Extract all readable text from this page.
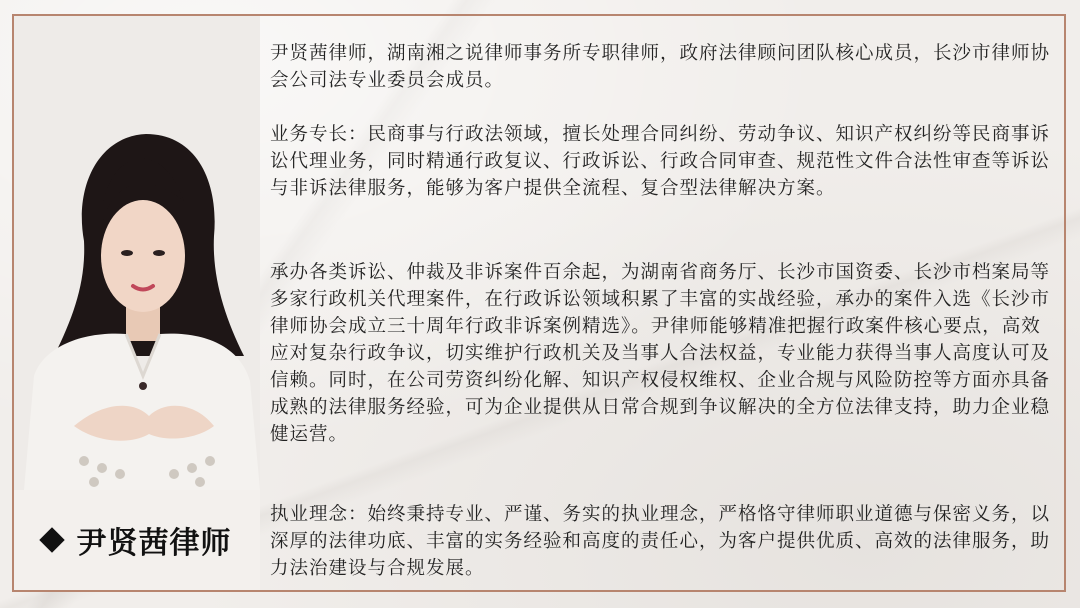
尹贤茜律师

尹贤茜律师，湖南湘之说律师事务所专职律师，政府法律顾问团队核心成员，长沙市律师协会公司法专业委员会成员。

业务专长：民商事与行政法领域，擅长处理合同纠纷、劳动争议、知识产权纠纷等民商事诉讼代理业务，同时精通行政复议、行政诉讼、行政合同审查、规范性文件合法性审查等诉讼与非诉法律服务，能够为客户提供全流程、复合型法律解决方案。

承办各类诉讼、仲裁及非诉案件百余起，为湖南省商务厅、长沙市国资委、长沙市档案局等多家行政机关代理案件，在行政诉讼领域积累了丰富的实战经验，承办的案件入选《长沙市律师协会成立三十周年行政非诉案例精选》。尹律师能够精准把握行政案件核心要点，高效应对复杂行政争议，切实维护行政机关及当事人合法权益，专业能力获得当事人高度认可及信赖。同时，在公司劳资纠纷化解、知识产权侵权维权、企业合规与风险防控等方面亦具备成熟的法律服务经验，可为企业提供从日常合规到争议解决的全方位法律支持，助力企业稳健运营。

执业理念：始终秉持专业、严谨、务实的执业理念，严格恪守律师职业道德与保密义务，以深厚的法律功底、丰富的实务经验和高度的责任心，为客户提供优质、高效的法律服务，助力法治建设与合规发展。
